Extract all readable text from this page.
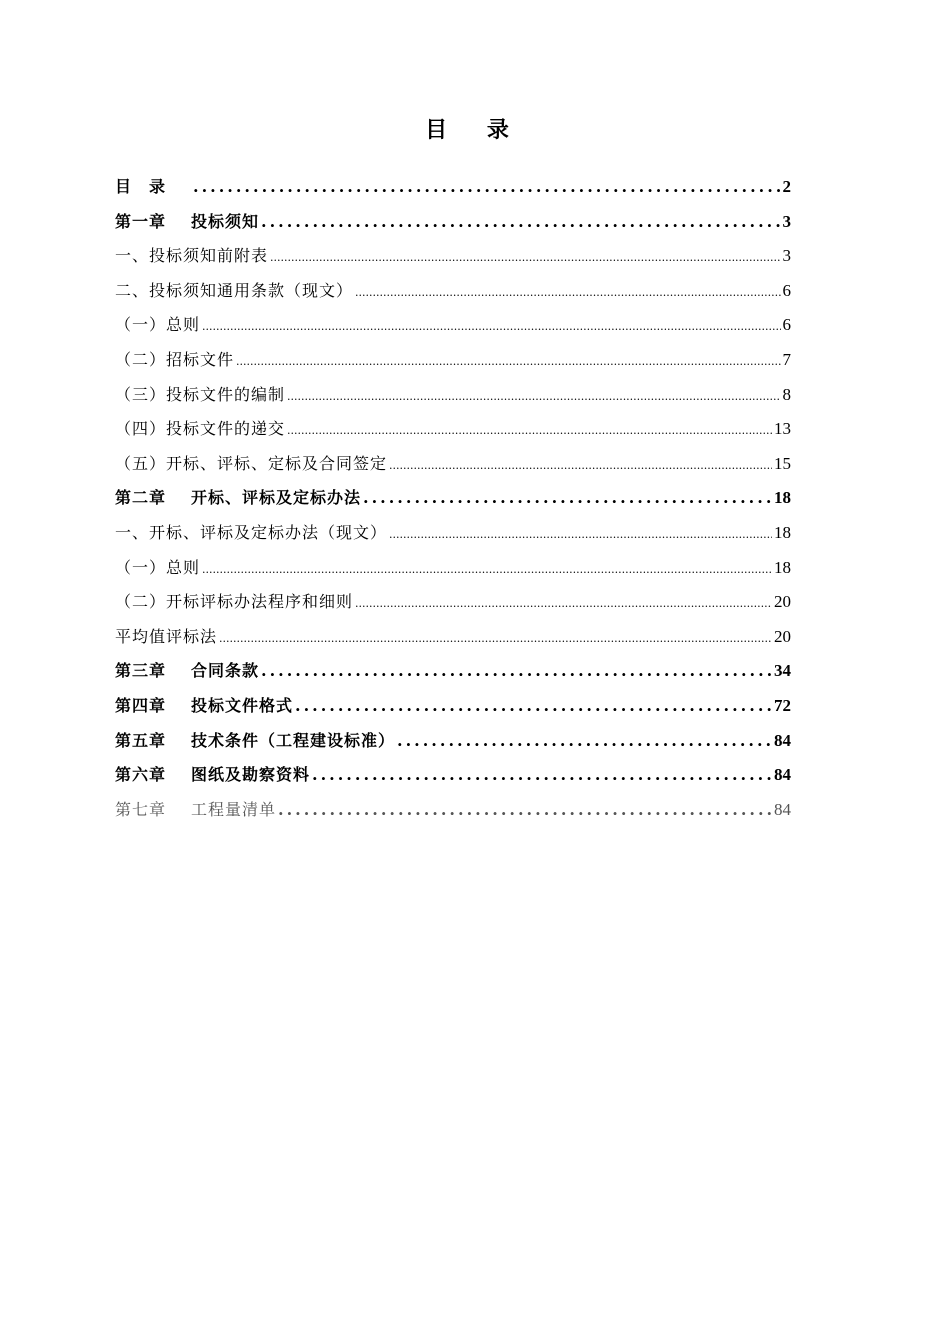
目 录
目　录 .....	2
第一章 投标须知 .....	3
一、投标须知前附表 .....	3
二、投标须知通用条款（现文） .....	6
（一）总则 .....	6
（二）招标文件 .....	7
（三）投标文件的编制 .....	8
（四）投标文件的递交 .....	13
（五）开标、评标、定标及合同签定 .....	15
第二章 开标、评标及定标办法 .....	18
一、开标、评标及定标办法（现文） .....	18
（一）总则 .....	18
（二）开标评标办法程序和细则 .....	20
平均值评标法 .....	20
第三章 合同条款 .....	34
第四章 投标文件格式 .....	72
第五章 技术条件（工程建设标准） .....	84
第六章 图纸及勘察资料 .....	84
第七章 工程量清单 .....	84
